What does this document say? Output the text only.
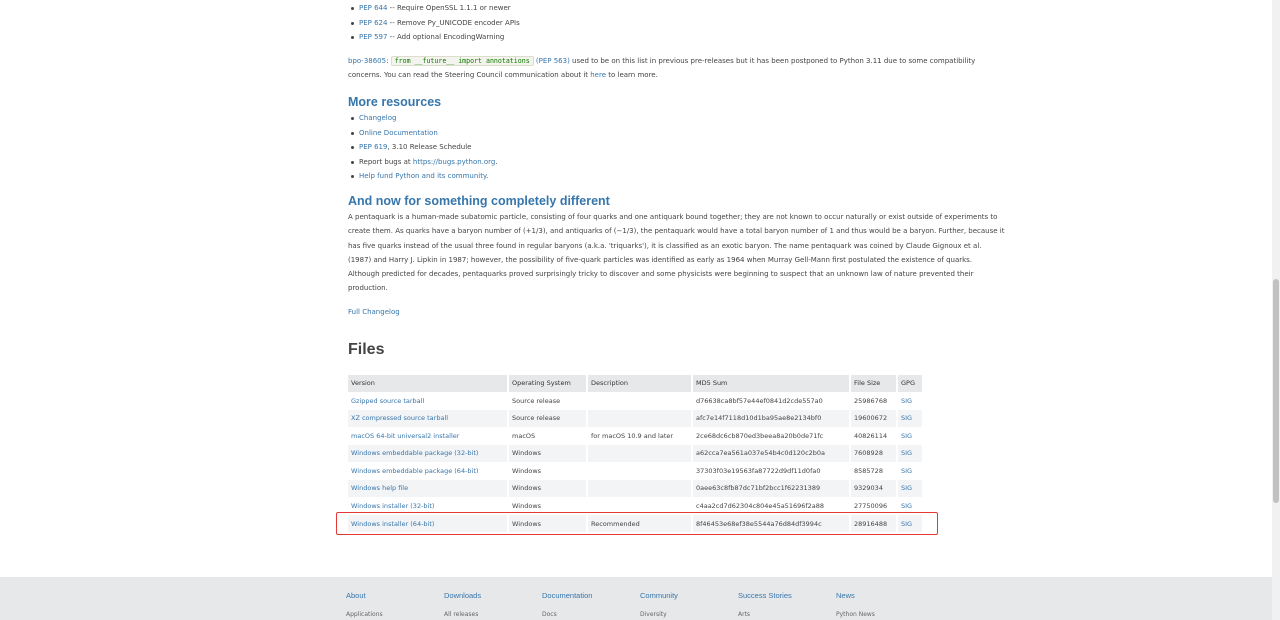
PEP 644 -- Require OpenSSL 1.1.1 or newer
PEP 624 -- Remove Py_UNICODE encoder APIs
PEP 597 -- Add optional EncodingWarning
bpo-38605: from __future__ import annotations (PEP 563) used to be on this list in previous pre-releases but it has been postponed to Python 3.11 due to some compatibility
concerns. You can read the Steering Council communication about it here to learn more.
More resources
Changelog
Online Documentation
PEP 619, 3.10 Release Schedule
Report bugs at https://bugs.python.org.
Help fund Python and its community.
And now for something completely different
A pentaquark is a human-made subatomic particle, consisting of four quarks and one antiquark bound together; they are not known to occur naturally or exist outside of experiments to
create them. As quarks have a baryon number of (+1/3), and antiquarks of (−1/3), the pentaquark would have a total baryon number of 1 and thus would be a baryon. Further, because it
has five quarks instead of the usual three found in regular baryons (a.k.a. 'triquarks'), it is classified as an exotic baryon. The name pentaquark was coined by Claude Gignoux et al.
(1987) and Harry J. Lipkin in 1987; however, the possibility of five-quark particles was identified as early as 1964 when Murray Gell-Mann first postulated the existence of quarks.
Although predicted for decades, pentaquarks proved surprisingly tricky to discover and some physicists were beginning to suspect that an unknown law of nature prevented their
production.
Full Changelog
Files
Version	Operating System	Description	MD5 Sum	File Size	GPG
Gzipped source tarball	Source release		d76638ca8bf57e44ef0841d2cde557a0	25986768	SIG
XZ compressed source tarball	Source release		afc7e14f7118d10d1ba95ae8e2134bf0	19600672	SIG
macOS 64-bit universal2 installer	macOS	for macOS 10.9 and later	2ce68dc6cb870ed3beea8a20b0de71fc	40826114	SIG
Windows embeddable package (32-bit)	Windows		a62cca7ea561a037e54b4c0d120c2b0a	7608928	SIG
Windows embeddable package (64-bit)	Windows		37303f03e19563fa87722d9df11d0fa0	8585728	SIG
Windows help file	Windows		0aee63c8fb87dc71bf2bcc1f62231389	9329034	SIG
Windows installer (32-bit)	Windows		c4aa2cd7d62304c804e45a51696f2a88	27750096	SIG
Windows installer (64-bit)	Windows	Recommended	8f46453e68ef38e5544a76d84df3994c	28916488	SIG
About
Applications
Downloads
All releases
Documentation
Docs
Community
Diversity
Success Stories
Arts
News
Python News
